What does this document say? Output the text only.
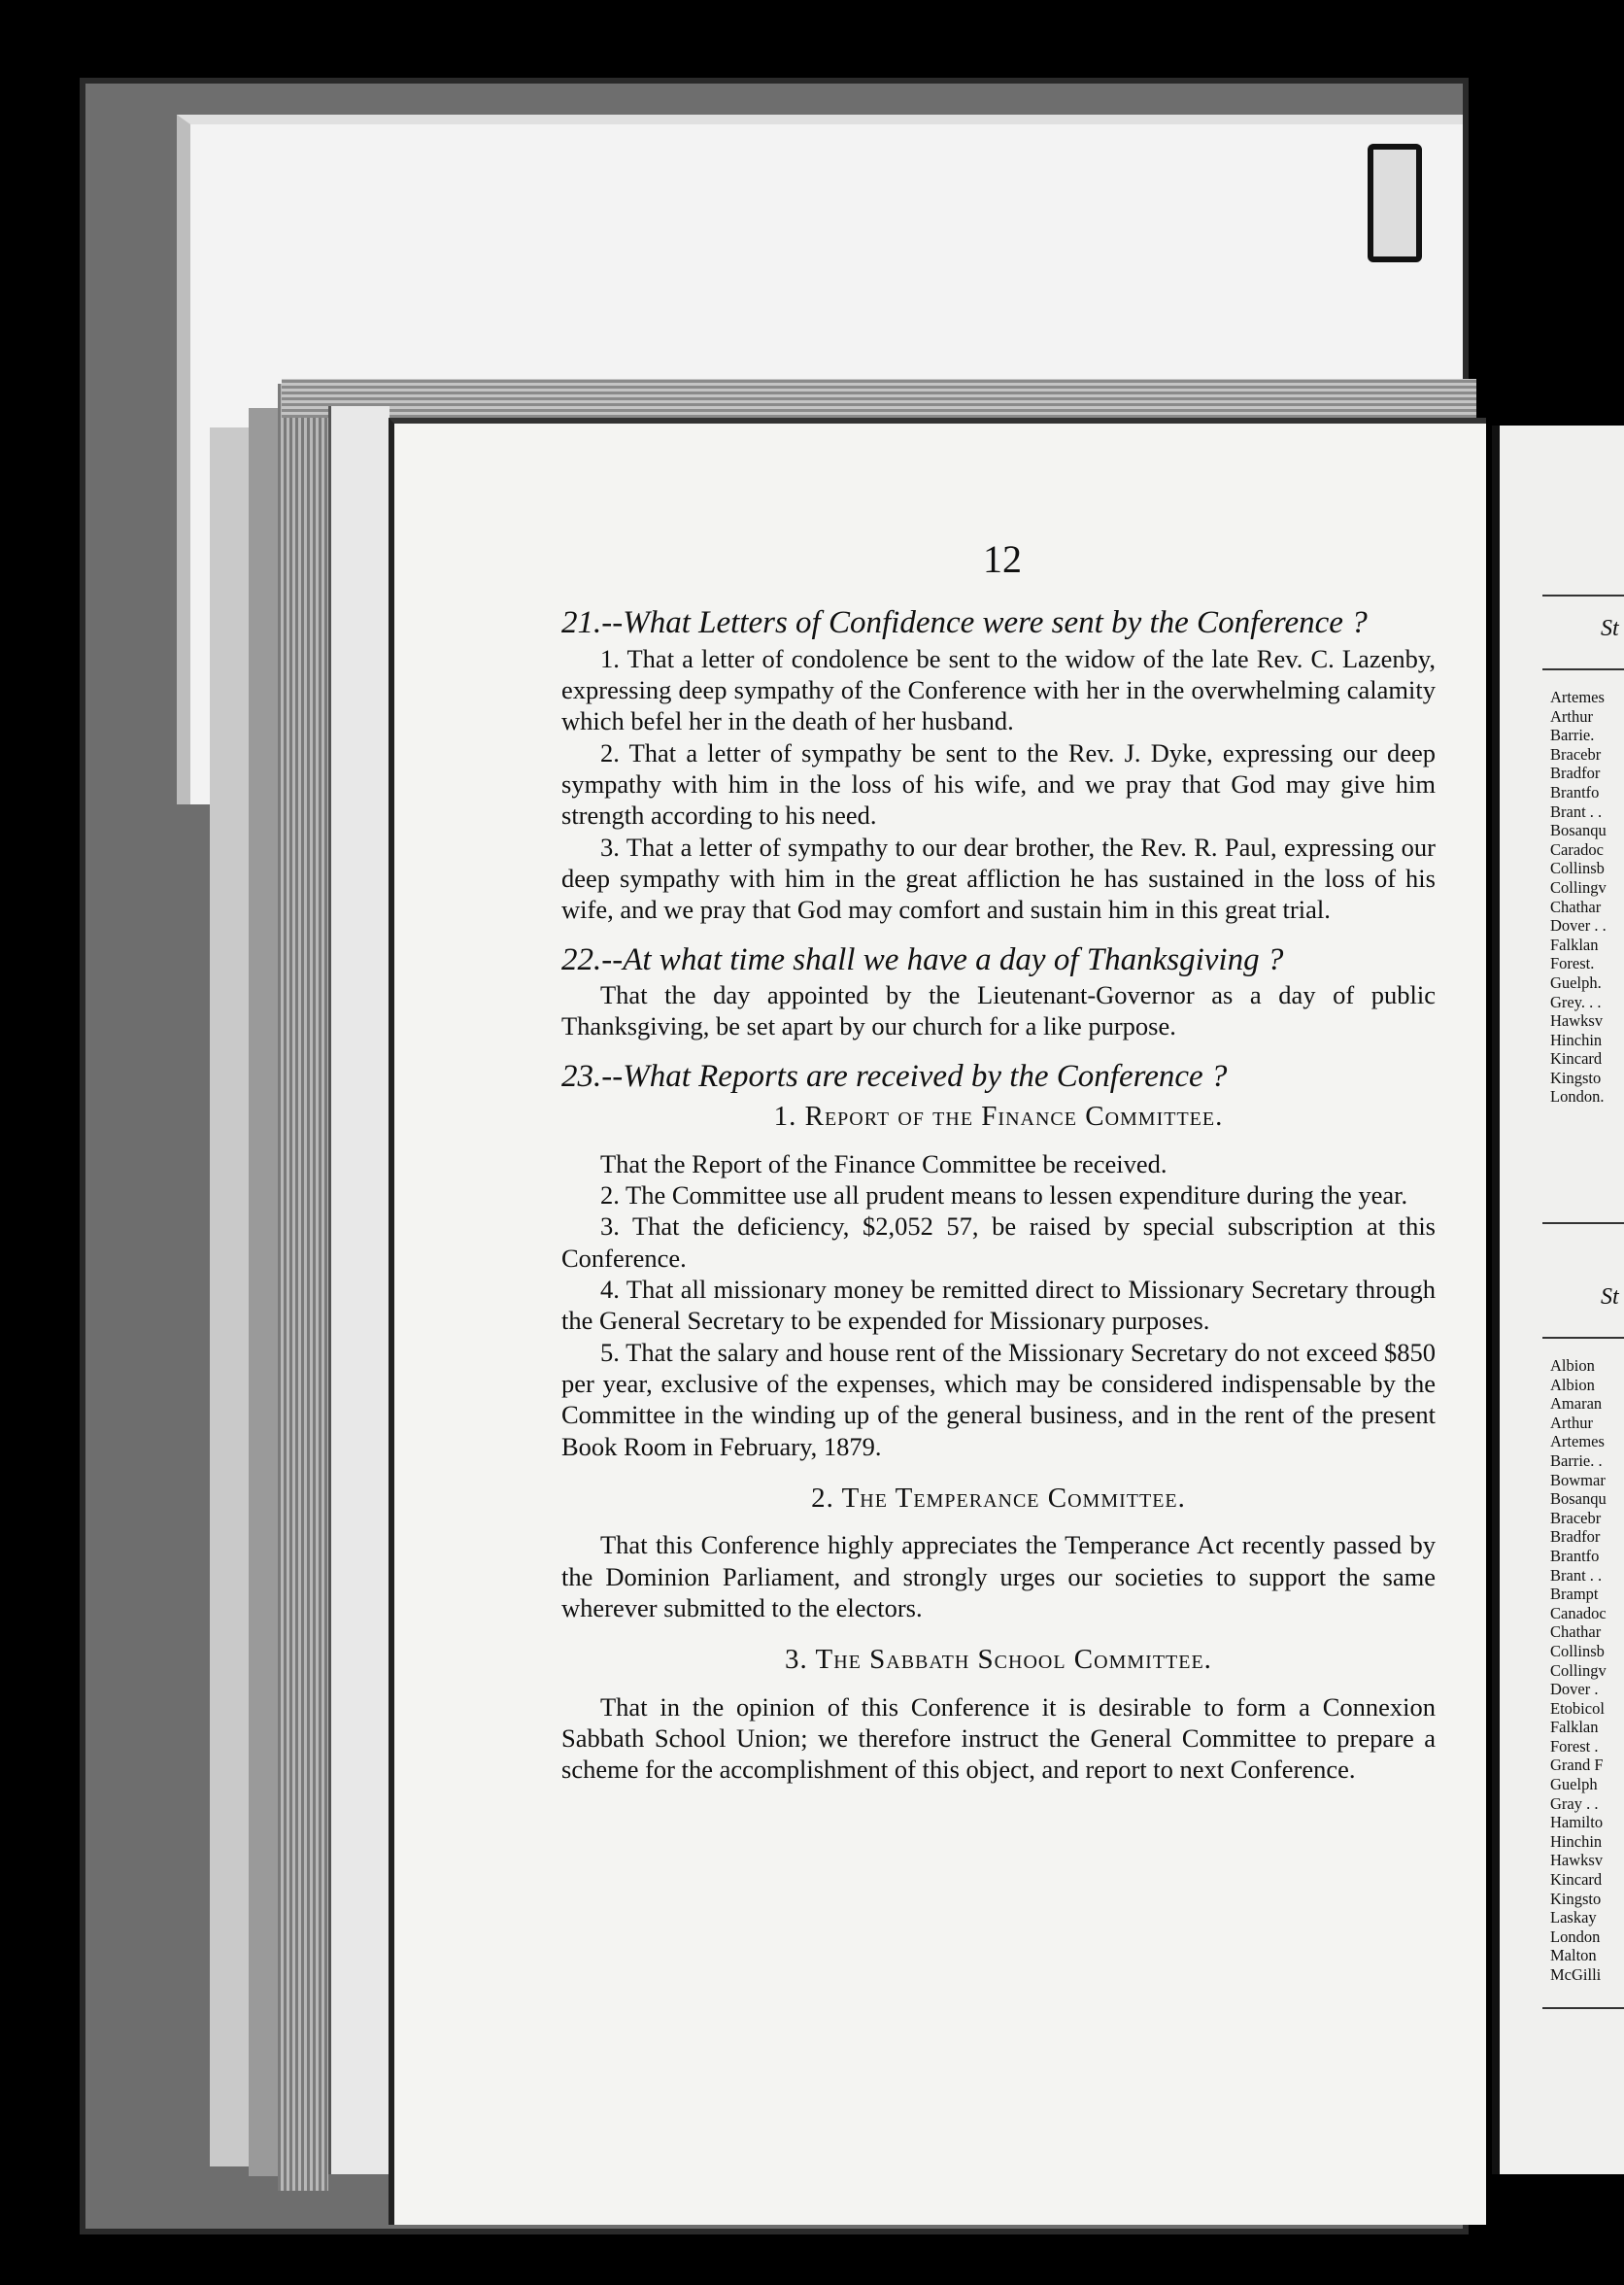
12

21.--What Letters of Confidence were sent by the Conference ?

1. That a letter of condolence be sent to the widow of the late Rev. C. Lazenby, expressing deep sympathy of the Conference with her in the overwhelming calamity which befel her in the death of her husband.

2. That a letter of sympathy be sent to the Rev. J. Dyke, expressing our deep sympathy with him in the loss of his wife, and we pray that God may give him strength according to his need.

3. That a letter of sympathy to our dear brother, the Rev. R. Paul, expressing our deep sympathy with him in the great affliction he has sustained in the loss of his wife, and we pray that God may comfort and sustain him in this great trial.

22.--At what time shall we have a day of Thanksgiving ?

That the day appointed by the Lieutenant-Governor as a day of public Thanksgiving, be set apart by our church for a like purpose.

23.--What Reports are received by the Conference ?

1. Report of the Finance Committee.

That the Report of the Finance Committee be received.

2. The Committee use all prudent means to lessen expenditure during the year.

3. That the deficiency, $2,052 57, be raised by special subscription at this Conference.

4. That all missionary money be remitted direct to Missionary Secretary through the General Secretary to be expended for Missionary purposes.

5. That the salary and house rent of the Missionary Secretary do not exceed $850 per year, exclusive of the expenses, which may be considered indispensable by the Committee in the winding up of the general business, and in the rent of the present Book Room in February, 1879.

2. The Temperance Committee.

That this Conference highly appreciates the Temperance Act recently passed by the Dominion Parliament, and strongly urges our societies to support the same wherever submitted to the electors.

3. The Sabbath School Committee.

That in the opinion of this Conference it is desirable to form a Connexion Sabbath School Union; we therefore instruct the General Committee to prepare a scheme for the accomplishment of this object, and report to next Conference.

St
Artemes
Arthur
Barrie.
Bracebr
Bradfor
Brantfo
Brant . .
Bosanqu
Caradoc
Collinsb
Collingv
Chathar
Dover . .
Falklan
Forest.
Guelph.
Grey. . .
Hawksv
Hinchin
Kincard
Kingsto
London.
St
Albion
Albion
Amaran
Arthur
Artemes
Barrie. .
Bowmar
Bosanqu
Bracebr
Bradfor
Brantfo
Brant . .
Brampt
Canadoc
Chathar
Collinsb
Collingv
Dover .
Etobicol
Falklan
Forest .
Grand F
Guelph
Gray . .
Hamilto
Hinchin
Hawksv
Kincard
Kingsto
Laskay
London
Malton
McGilli
